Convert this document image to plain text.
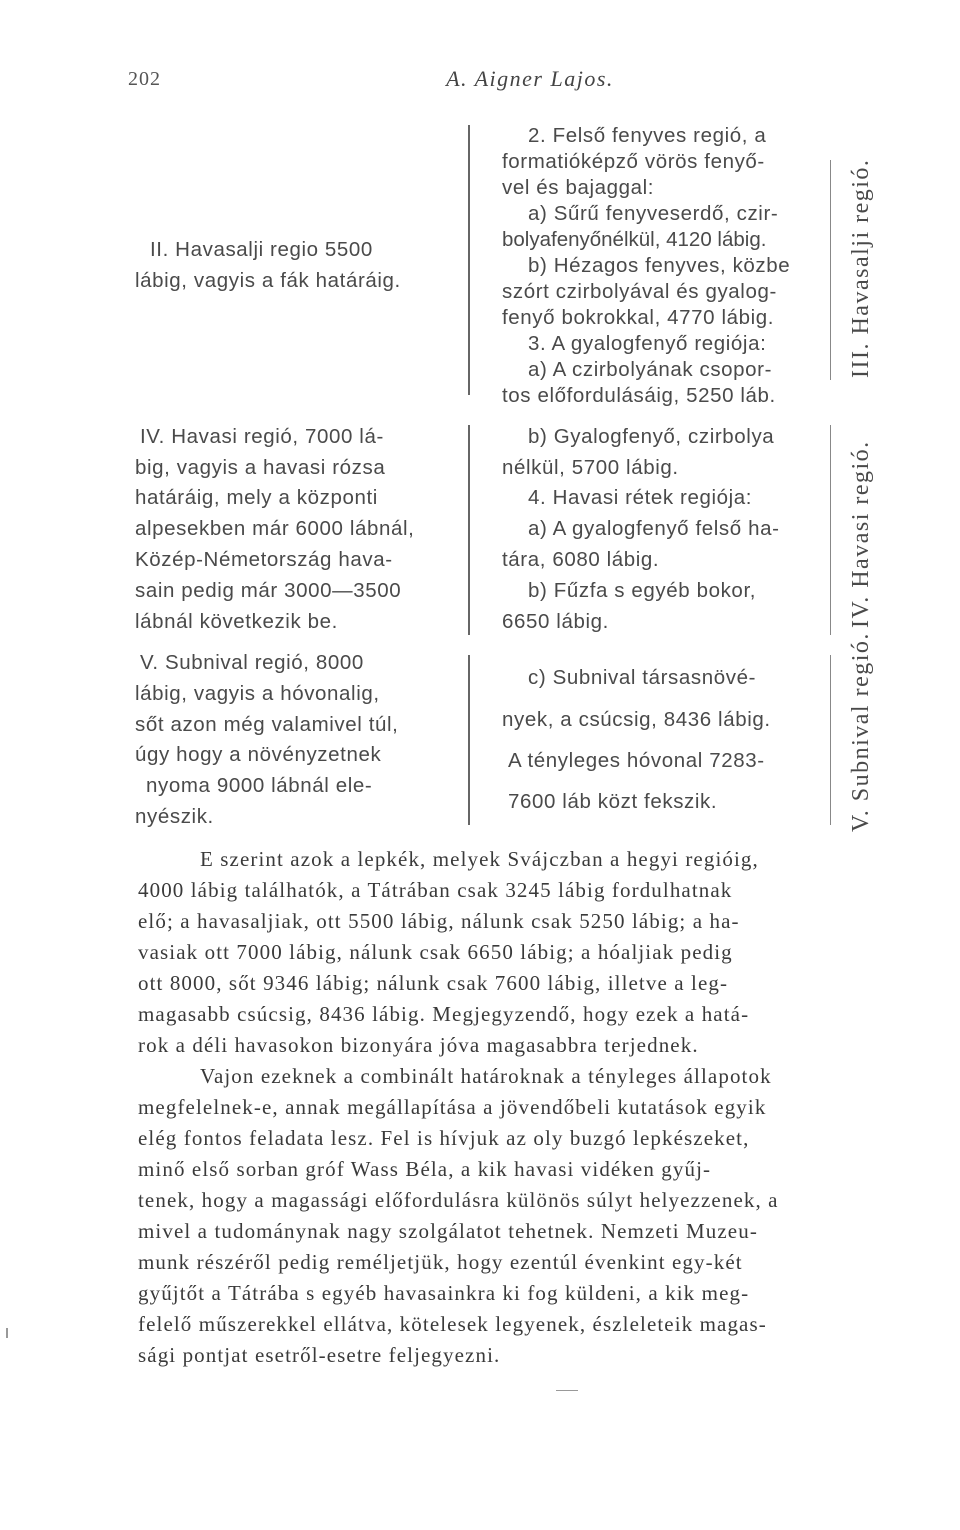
202	A. Aigner Lajos.
II. Havasalji regio 5500
lábig, vagyis a fák határáig.
IV. Havasi regió, 7000 lá-
big, vagyis a havasi rózsa
határáig, mely a központi
alpesekben már 6000 lábnál,
Közép-Németország hava-
sain pedig már 3000—3500
lábnál következik be.
V. Subnival regió, 8000
lábig, vagyis a hóvonalig,
sőt azon még valamivel túl,
úgy hogy a növényzetnek
nyoma 9000 lábnál ele-
nyészik.
2. Felső fenyves regió, a
formatióképző vörös fenyő-
vel és bajaggal:
a) Sűrű fenyveserdő, czir-
bolyafenyőnélkül, 4120 lábig.
b) Hézagos fenyves, közbe
szórt czirbolyával és gyalog-
fenyő bokrokkal, 4770 lábig.
3. A gyalogfenyő regiója:
a) A czirbolyának csopor-
tos előfordulásáig, 5250 láb.
b) Gyalogfenyő, czirbolya
nélkül, 5700 lábig.
4. Havasi rétek regiója:
a) A gyalogfenyő felső ha-
tára, 6080 lábig.
b) Fűzfa s egyéb bokor,
6650 lábig.
c) Subnival társasnövé-
nyek, a csúcsig, 8436 lábig.
A tényleges hóvonal 7283-
7600 láb közt fekszik.
III. Havasalji regió.
IV. Havasi regió.
V. Subnival regió.
E szerint azok a lepkék, melyek Svájczban a hegyi regióig,
4000 lábig találhatók, a Tátrában csak 3245 lábig fordulhatnak
elő; a havasaljiak, ott 5500 lábig, nálunk csak 5250 lábig; a ha-
vasiak ott 7000 lábig, nálunk csak 6650 lábig; a hóaljiak pedig
ott 8000, sőt 9346 lábig; nálunk csak 7600 lábig, illetve a leg-
magasabb csúcsig, 8436 lábig. Megjegyzendő, hogy ezek a hatá-
rok a déli havasokon bizonyára jóva magasabbra terjednek.
Vajon ezeknek a combinált határoknak a tényleges állapotok
megfelelnek-e, annak megállapítása a jövendőbeli kutatások egyik
elég fontos feladata lesz. Fel is hívjuk az oly buzgó lepkészeket,
minő első sorban gróf Wass Béla, a kik havasi vidéken gyűj-
tenek, hogy a magassági előfordulásra különös súlyt helyezzenek, a
mivel a tudománynak nagy szolgálatot tehetnek. Nemzeti Muzeu-
munk részéről pedig reméljetjük, hogy ezentúl évenkint egy-két
gyűjtőt a Tátrába s egyéb havasainkra ki fog küldeni, a kik meg-
felelő műszerekkel ellátva, kötelesek legyenek, észleleteik magas-
sági pontjat esetről-esetre feljegyezni.
